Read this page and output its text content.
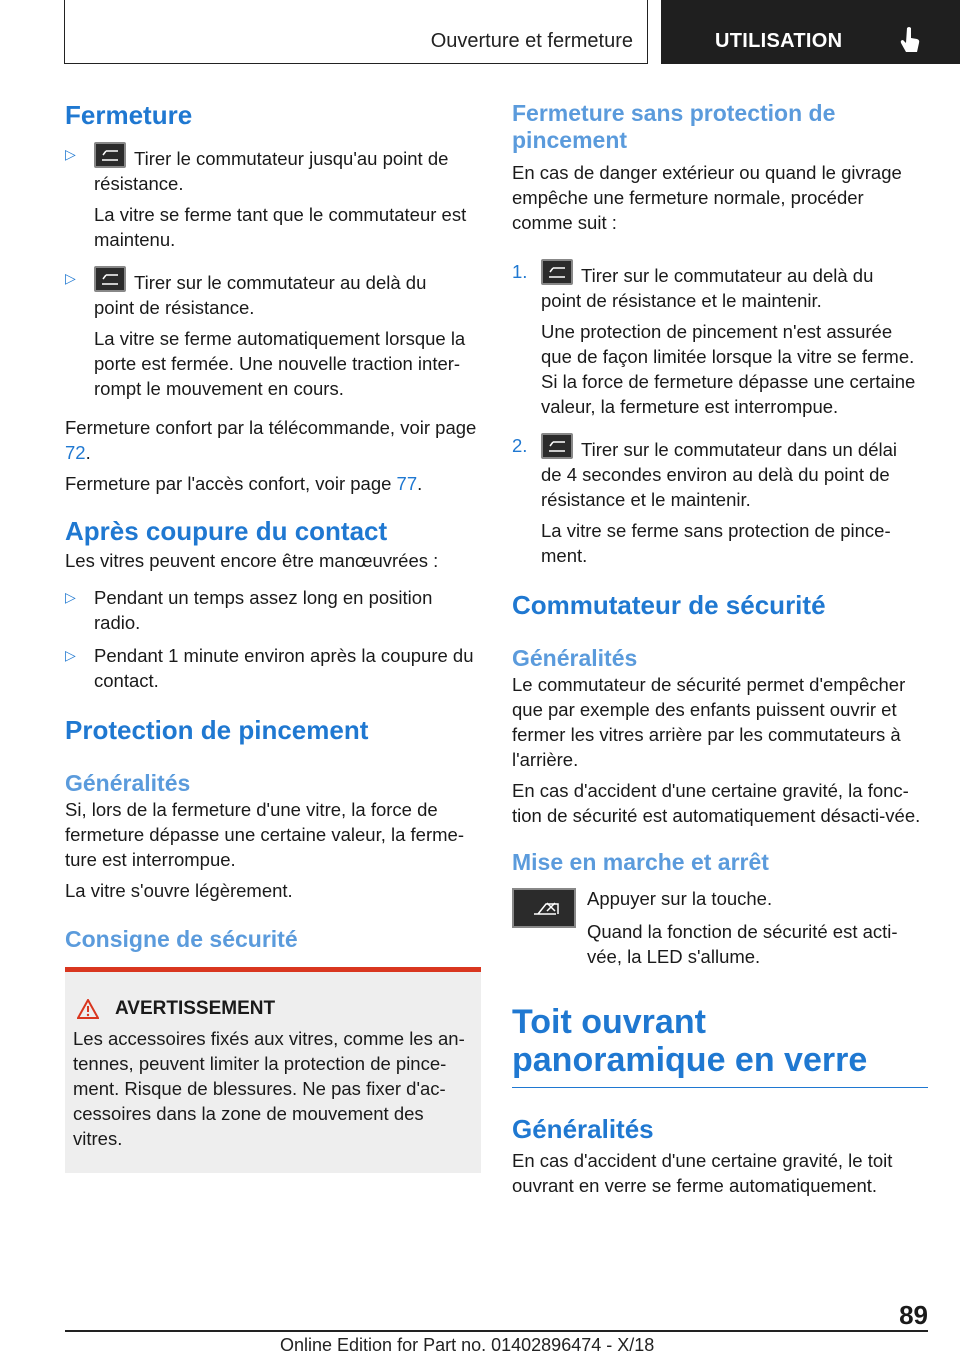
Ouverture et fermeture	UTILISATION
Fermeture
▷	Tirer le commutateur jusqu'au point de
résistance.

La vitre se ferme tant que le commutateur est maintenu.

▷	Tirer sur le commutateur au delà du
point de résistance.

La vitre se ferme automatiquement lorsque la porte est fermée. Une nouvelle traction inter-rompt le mouvement en cours.

Fermeture confort par la télécommande, voir page 72.

Fermeture par l'accès confort, voir page 77.

Après coupure du contact

Les vitres peuvent encore être manœuvrées :

▷ Pendant un temps assez long en position radio.

▷ Pendant 1 minute environ après la coupure du contact.

Protection de pincement
Généralités

Si, lors de la fermeture d'une vitre, la force de fermeture dépasse une certaine valeur, la ferme-ture est interrompue.

La vitre s'ouvre légèrement.

Consigne de sécurité
AVERTISSEMENT

Les accessoires fixés aux vitres, comme les an-tennes, peuvent limiter la protection de pince-ment. Risque de blessures. Ne pas fixer d'ac-cessoires dans la zone de mouvement des vitres.

Fermeture sans protection de pincement

En cas de danger extérieur ou quand le givrage empêche une fermeture normale, procéder comme suit :

1.	Tirer sur le commutateur au delà du
point de résistance et le maintenir.

Une protection de pincement n'est assurée que de façon limitée lorsque la vitre se ferme. Si la force de fermeture dépasse une certaine valeur, la fermeture est interrompue.

2.	Tirer sur le commutateur dans un délai
de 4 secondes environ au delà du point de résistance et le maintenir.

La vitre se ferme sans protection de pince-ment.

Commutateur de sécurité
Généralités

Le commutateur de sécurité permet d'empêcher que par exemple des enfants puissent ouvrir et fermer les vitres arrière par les commutateurs à l'arrière.

En cas d'accident d'une certaine gravité, la fonc-tion de sécurité est automatiquement désacti-vée.

Mise en marche et arrêt

Appuyer sur la touche.

Quand la fonction de sécurité est acti-vée, la LED s'allume.

Toit ouvrant panoramique en verre
Généralités

En cas d'accident d'une certaine gravité, le toit ouvrant en verre se ferme automatiquement.

89
Online Edition for Part no. 01402896474 - X/18
